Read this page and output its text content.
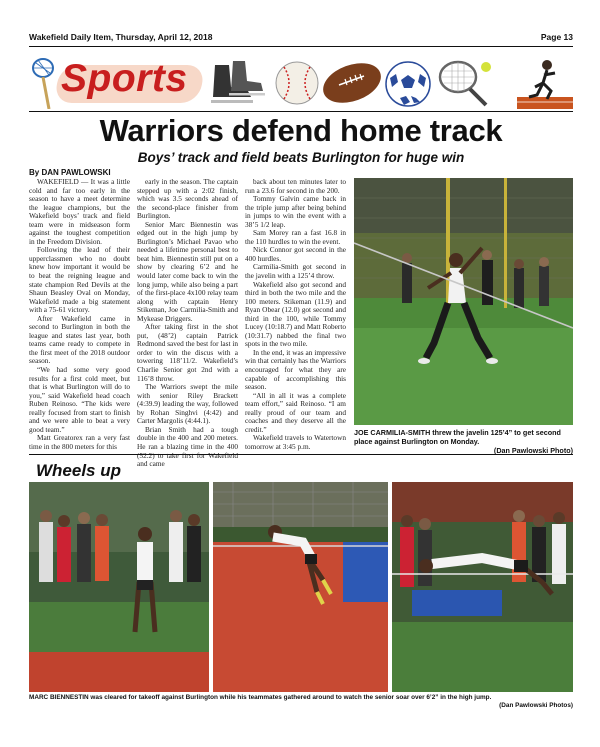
Wakefield Daily Item, Thursday, April 12, 2018	Page 13
Sports
Warriors defend home track
Boys’ track and field beats Burlington for huge win
By DAN PAWLOWSKI

WAKEFIELD — It was a little cold and far too early in the season to have a meet determine the league champions, but the Wakefield boys’ track and field team were in midseason form against the toughest competition in the Freedom Division.

Following the lead of their upperclassmen who no doubt knew how important it would be to beat the reigning league and state champion Red Devils at the Shaun Beasley Oval on Monday, Wakefield made a big statement with a 75-61 victory.

After Wakefield came in second to Burlington in both the league and states last year, both teams came ready to compete in the first meet of the 2018 outdoor season.

“We had some very good results for a first cold meet, but that is what Burlington will do to you,” said Wakefield head coach Ruben Reinoso. “The kids were really focused from start to finish and we were able to beat a very good team.”

Matt Greatorex ran a very fast time in the 800 meters for this

early in the season. The captain stepped up with a 2:02 finish, which was 3.5 seconds ahead of the second-place finisher from Burlington.

Senior Marc Biennestin was edged out in the high jump by Burlington’s Michael Pavao who needed a lifetime personal best to beat him. Biennestin still put on a show by clearing 6’2 and he would later come back to win the long jump, while also being a part of the first-place 4x100 relay team along with captain Henry Stikeman, Joe Carmilia-Smith and Mykease Driggers.

After taking first in the shot put, (48’2) captain Patrick Redmond saved the best for last in order to win the discus with a towering 118’11/2. Wakefield’s Charlie Senior got 2nd with a 116’8 throw.

The Warriors swept the mile with senior Riley Brackett (4:39.9) leading the way, followed by Rohan Singhvi (4:42) and Carter Margolis (4:44.1).

Brian Smith had a tough double in the 400 and 200 meters. He ran a blazing time in the 400 (52.2) to take first for Wakefield and came

back about ten minutes later to run a 23.6 for second in the 200.

Tommy Galvin came back in the triple jump after being behind in jumps to win the event with a 38’5 1/2 leap.

Sam Morey ran a fast 16.8 in the 110 hurdles to win the event.

Nick Connor got second in the 400 hurdles.

Carmilia-Smith got second in the javelin with a 125’4 throw.

Wakefield also got second and third in both the two mile and the 100 meters. Stikeman (11.9) and Ryan Obear (12.0) got second and third in the 100, while Tommy Lucey (10:18.7) and Matt Roberto (10:31.7) nabbed the final two spots in the two mile.

In the end, it was an impressive win that certainly has the Warriors encouraged for what they are capable of accomplishing this season.

“All in all it was a complete team effort,” said Reinoso. “I am really proud of our team and coaches and they deserve all the credit.”

Wakefield travels to Watertown tomorrow at 3:45 p.m.

JOE CARMILIA-SMITH threw the javelin 125’4” to get second place against Burlington on Monday.
(Dan Pawlowski Photo)
Wheels up
MARC BIENNESTIN was cleared for takeoff against Burlington while his teammates gathered around to watch the senior soar over 6’2” in the high jump.
(Dan Pawlowski Photos)
